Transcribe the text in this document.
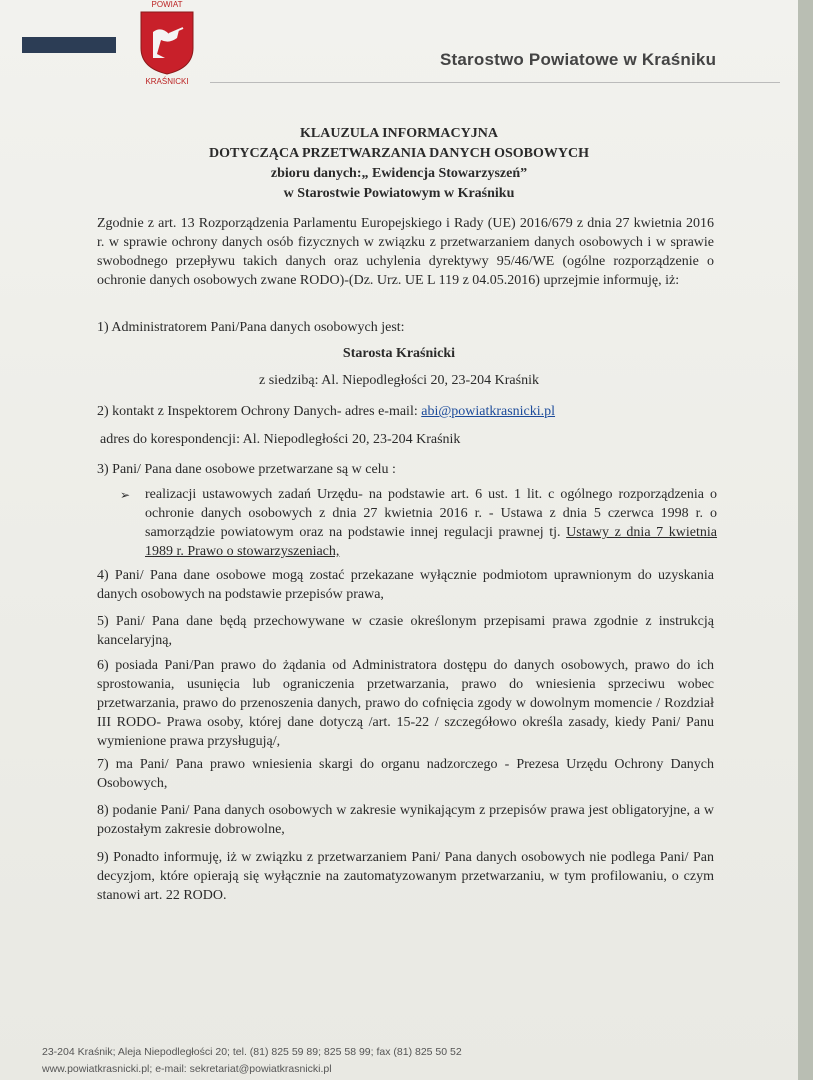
POWIAT
KRAŚNICKI
Starostwo Powiatowe w Kraśniku
KLAUZULA INFORMACYJNA
DOTYCZĄCA PRZETWARZANIA DANYCH OSOBOWYCH
zbioru danych:„ Ewidencja Stowarzyszeń”
w Starostwie Powiatowym w Kraśniku
Zgodnie z art. 13 Rozporządzenia Parlamentu Europejskiego i Rady (UE) 2016/679 z dnia 27 kwietnia 2016 r. w sprawie ochrony danych osób fizycznych w związku z przetwarzaniem danych osobowych i w sprawie swobodnego przepływu takich danych oraz uchylenia dyrektywy 95/46/WE (ogólne rozporządzenie o ochronie danych osobowych zwane RODO)-(Dz. Urz. UE L 119 z 04.05.2016) uprzejmie informuję, iż:
1) Administratorem Pani/Pana danych osobowych jest:
Starosta Kraśnicki
z siedzibą: Al. Niepodległości 20, 23-204 Kraśnik
2) kontakt z Inspektorem Ochrony Danych- adres e-mail: abi@powiatkrasnicki.pl
adres do korespondencji: Al. Niepodległości 20, 23-204 Kraśnik
3) Pani/ Pana dane osobowe przetwarzane są w celu :
➢ realizacji ustawowych zadań Urzędu- na podstawie art. 6 ust. 1 lit. c ogólnego rozporządzenia o ochronie danych osobowych z dnia 27 kwietnia 2016 r. - Ustawa z dnia 5 czerwca 1998 r. o samorządzie powiatowym oraz na podstawie innej regulacji prawnej tj. Ustawy z dnia 7 kwietnia 1989 r. Prawo o stowarzyszeniach,
4) Pani/ Pana dane osobowe mogą zostać przekazane wyłącznie podmiotom uprawnionym do uzyskania danych osobowych na podstawie przepisów prawa,
5) Pani/ Pana dane będą przechowywane w czasie określonym przepisami prawa zgodnie z instrukcją kancelaryjną,
6) posiada Pani/Pan prawo do żądania od Administratora dostępu do danych osobowych, prawo do ich sprostowania, usunięcia lub ograniczenia przetwarzania, prawo do wniesienia sprzeciwu wobec przetwarzania, prawo do przenoszenia danych, prawo do cofnięcia zgody w dowolnym momencie / Rozdział III RODO- Prawa osoby, której dane dotyczą /art. 15-22 / szczegółowo określa zasady, kiedy Pani/ Panu wymienione prawa przysługują/,
7) ma Pani/ Pana prawo wniesienia skargi do organu nadzorczego - Prezesa Urzędu Ochrony Danych Osobowych,
8) podanie Pani/ Pana danych osobowych w zakresie wynikającym z przepisów prawa jest obligatoryjne, a w pozostałym zakresie dobrowolne,
9) Ponadto informuję, iż w związku z przetwarzaniem Pani/ Pana danych osobowych nie podlega Pani/ Pan decyzjom, które opierają się wyłącznie na zautomatyzowanym przetwarzaniu, w tym profilowaniu, o czym stanowi art. 22 RODO.
23-204 Kraśnik; Aleja Niepodległości 20; tel. (81) 825 59 89; 825 58 99; fax (81) 825 50 52
www.powiatkrasnicki.pl; e-mail: sekretariat@powiatkrasnicki.pl
